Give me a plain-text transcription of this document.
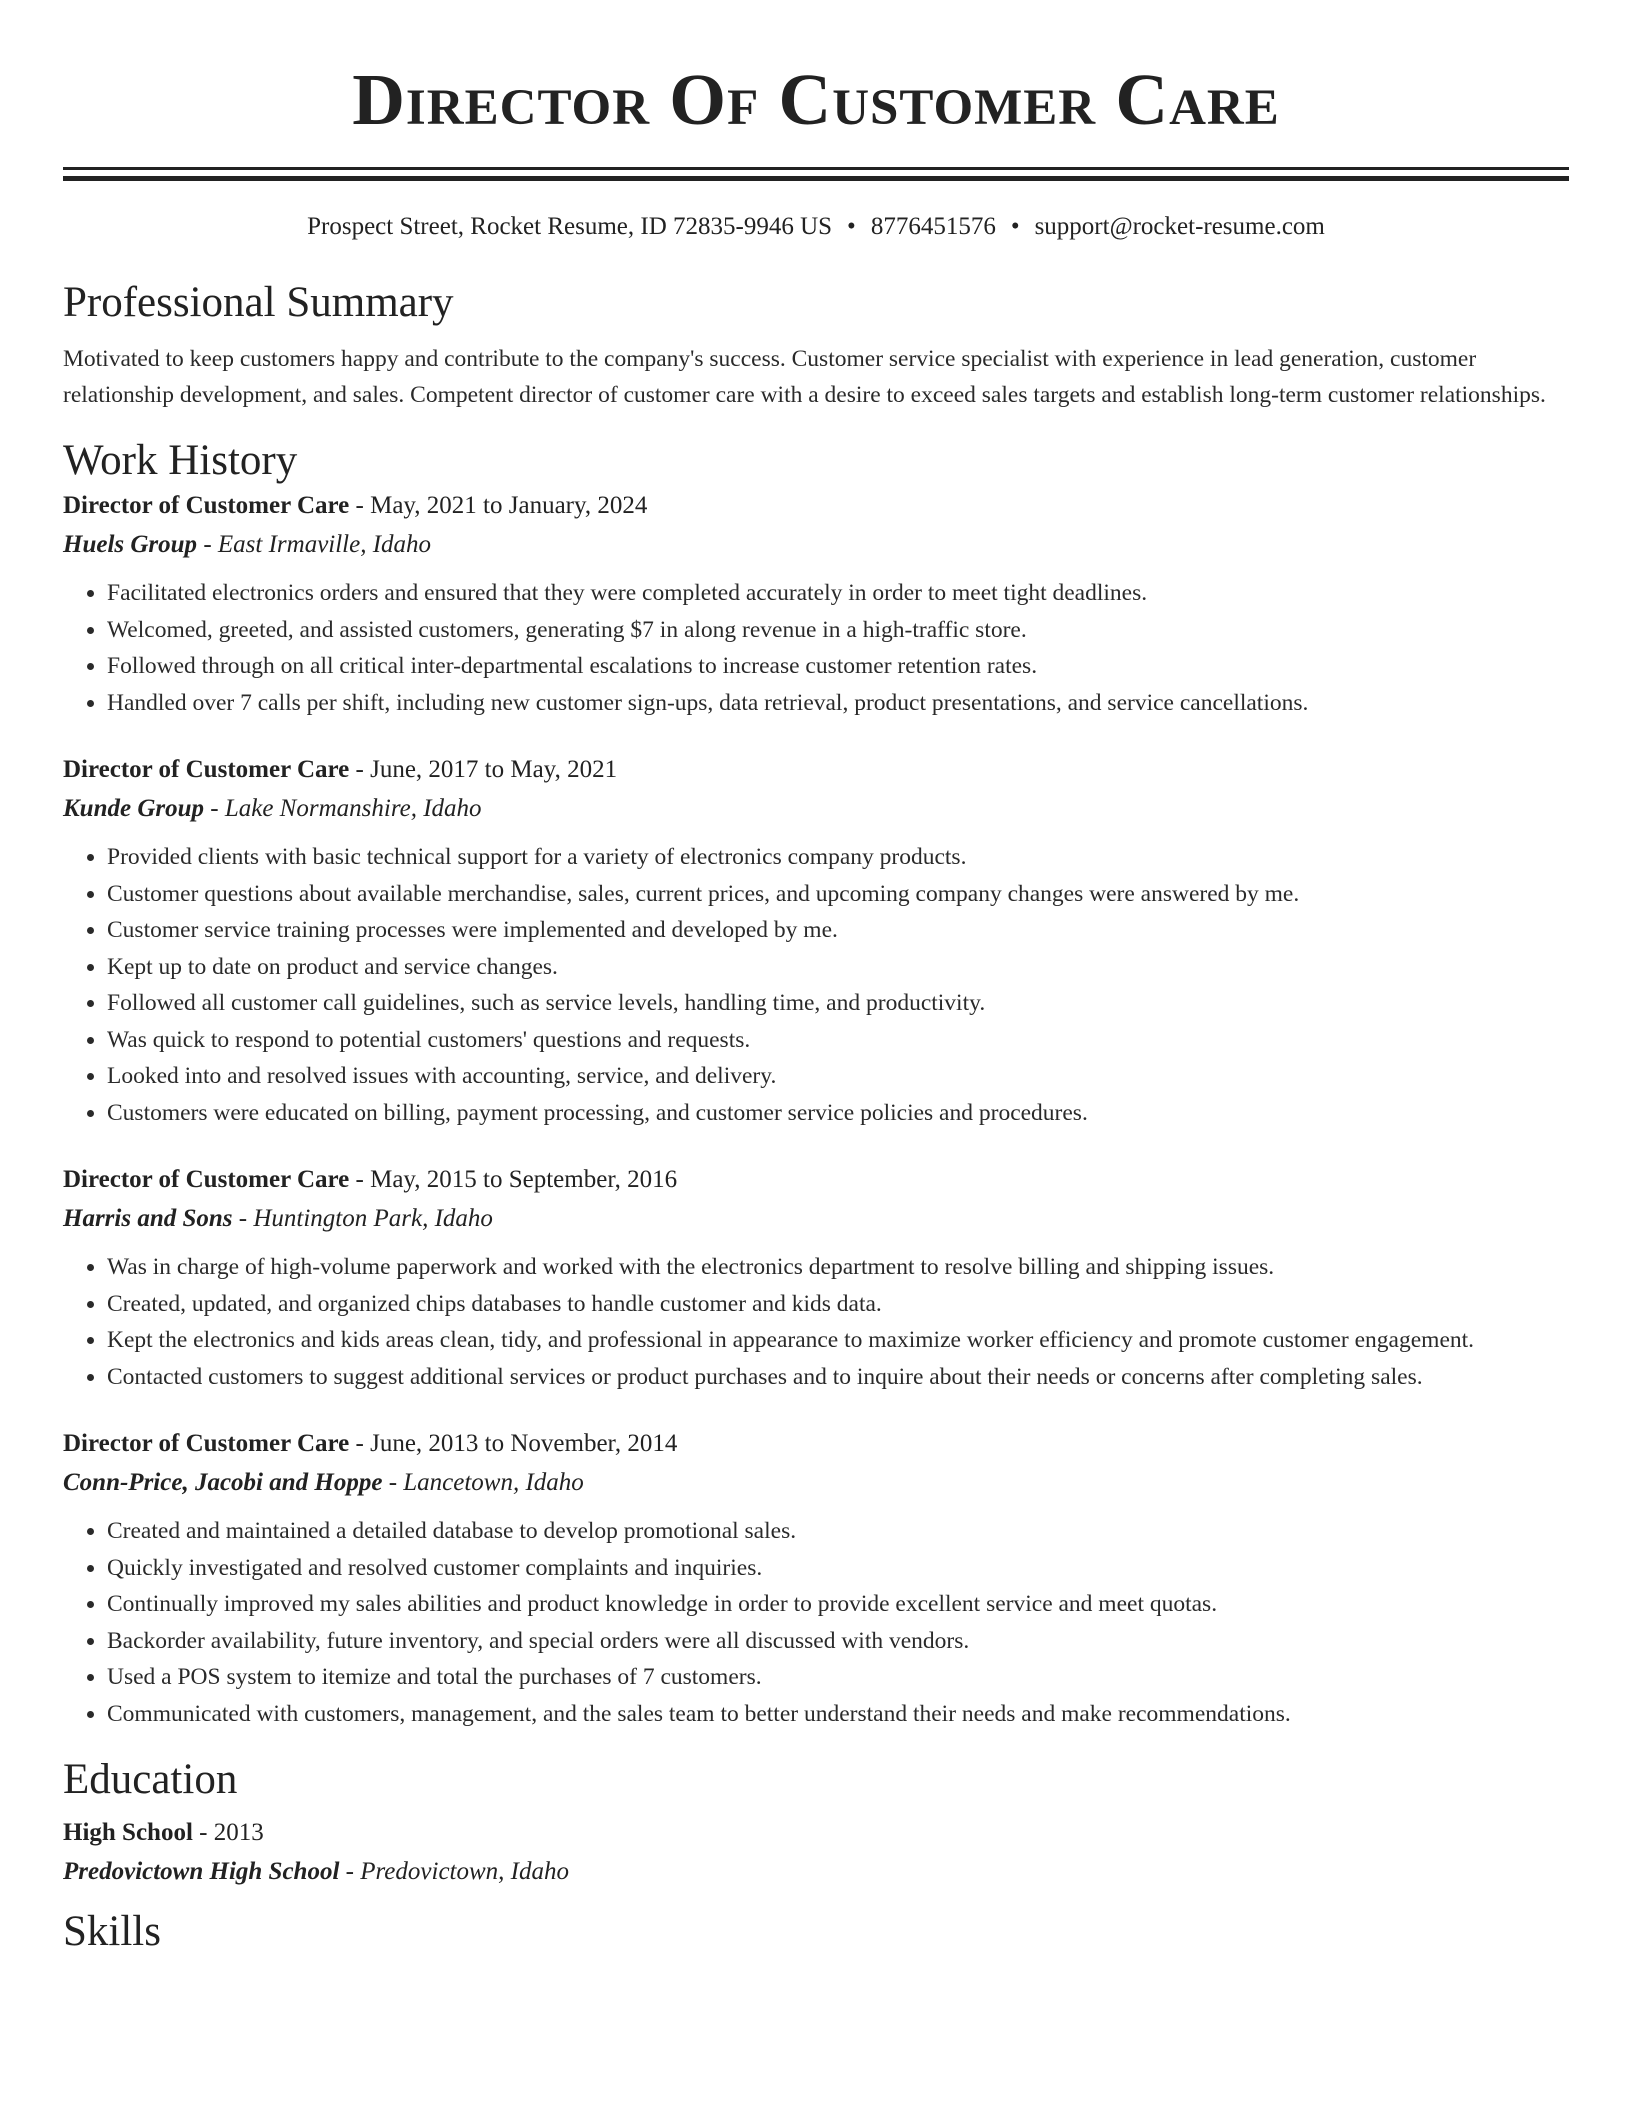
Director Of Customer Care
Prospect Street, Rocket Resume, ID 72835-9946 US • 8776451576 • support@rocket-resume.com
Professional Summary
Motivated to keep customers happy and contribute to the company's success. Customer service specialist with experience in lead generation, customer relationship development, and sales. Competent director of customer care with a desire to exceed sales targets and establish long-term customer relationships.
Work History
Director of Customer Care - May, 2021 to January, 2024
Huels Group - East Irmaville, Idaho
• Facilitated electronics orders and ensured that they were completed accurately in order to meet tight deadlines.
• Welcomed, greeted, and assisted customers, generating $7 in along revenue in a high-traffic store.
• Followed through on all critical inter-departmental escalations to increase customer retention rates.
• Handled over 7 calls per shift, including new customer sign-ups, data retrieval, product presentations, and service cancellations.
Director of Customer Care - June, 2017 to May, 2021
Kunde Group - Lake Normanshire, Idaho
• Provided clients with basic technical support for a variety of electronics company products.
• Customer questions about available merchandise, sales, current prices, and upcoming company changes were answered by me.
• Customer service training processes were implemented and developed by me.
• Kept up to date on product and service changes.
• Followed all customer call guidelines, such as service levels, handling time, and productivity.
• Was quick to respond to potential customers' questions and requests.
• Looked into and resolved issues with accounting, service, and delivery.
• Customers were educated on billing, payment processing, and customer service policies and procedures.
Director of Customer Care - May, 2015 to September, 2016
Harris and Sons - Huntington Park, Idaho
• Was in charge of high-volume paperwork and worked with the electronics department to resolve billing and shipping issues.
• Created, updated, and organized chips databases to handle customer and kids data.
• Kept the electronics and kids areas clean, tidy, and professional in appearance to maximize worker efficiency and promote customer engagement.
• Contacted customers to suggest additional services or product purchases and to inquire about their needs or concerns after completing sales.
Director of Customer Care - June, 2013 to November, 2014
Conn-Price, Jacobi and Hoppe - Lancetown, Idaho
• Created and maintained a detailed database to develop promotional sales.
• Quickly investigated and resolved customer complaints and inquiries.
• Continually improved my sales abilities and product knowledge in order to provide excellent service and meet quotas.
• Backorder availability, future inventory, and special orders were all discussed with vendors.
• Used a POS system to itemize and total the purchases of 7 customers.
• Communicated with customers, management, and the sales team to better understand their needs and make recommendations.
Education
High School - 2013
Predovictown High School - Predovictown, Idaho
Skills
